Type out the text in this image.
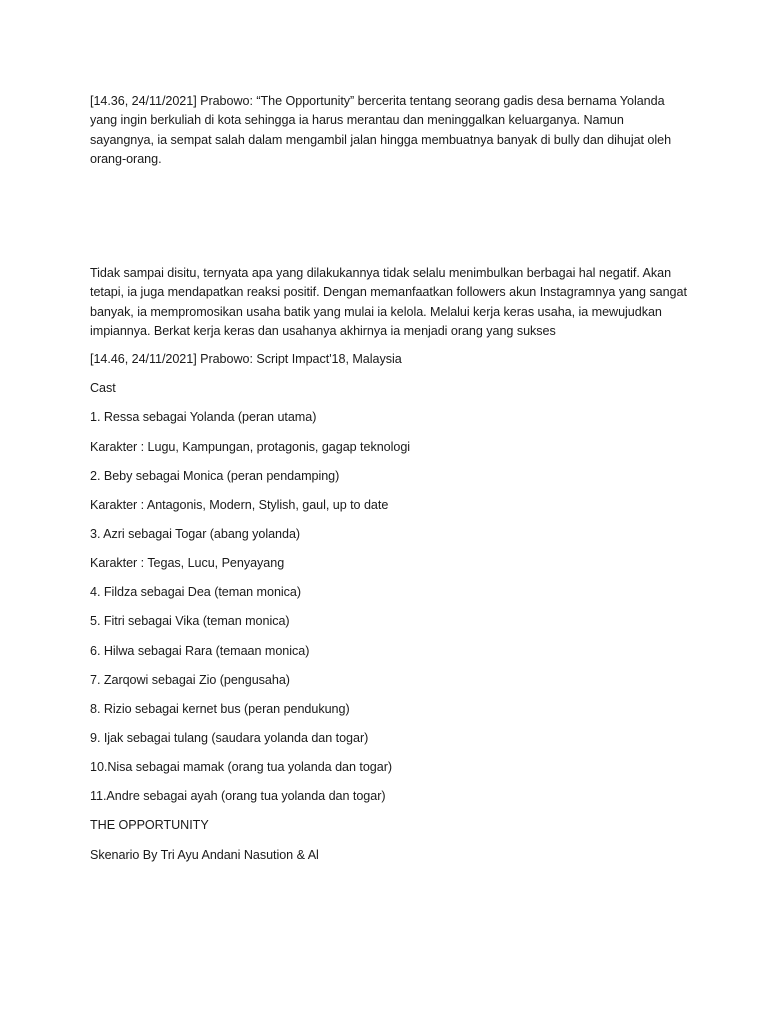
[14.36, 24/11/2021] Prabowo: “The Opportunity” bercerita tentang seorang gadis desa bernama Yolanda yang ingin berkuliah di kota sehingga ia harus merantau dan meninggalkan keluarganya. Namun sayangnya, ia sempat salah dalam mengambil jalan hingga membuatnya banyak di bully dan dihujat oleh orang-orang.

Tidak sampai disitu, ternyata apa yang dilakukannya tidak selalu menimbulkan berbagai hal negatif. Akan tetapi, ia juga mendapatkan reaksi positif. Dengan memanfaatkan followers akun Instagramnya yang sangat banyak, ia mempromosikan usaha batik yang mulai ia kelola. Melalui kerja keras usaha, ia mewujudkan impiannya. Berkat kerja keras dan usahanya akhirnya ia menjadi orang yang sukses

[14.46, 24/11/2021] Prabowo: Script Impact'18, Malaysia

Cast

1. Ressa sebagai Yolanda (peran utama)

Karakter : Lugu, Kampungan, protagonis, gagap teknologi

2. Beby sebagai Monica (peran pendamping)

Karakter : Antagonis, Modern, Stylish, gaul, up to date

3. Azri sebagai Togar (abang yolanda)

Karakter : Tegas, Lucu, Penyayang

4. Fildza sebagai Dea (teman monica)

5. Fitri sebagai Vika (teman monica)

6. Hilwa sebagai Rara (temaan monica)

7. Zarqowi sebagai Zio (pengusaha)

8. Rizio sebagai kernet bus (peran pendukung)

9. Ijak sebagai tulang (saudara yolanda dan togar)

10.Nisa sebagai mamak (orang tua yolanda dan togar)

11.Andre sebagai ayah (orang tua yolanda dan togar)

THE OPPORTUNITY

Skenario By Tri Ayu Andani Nasution & Al
